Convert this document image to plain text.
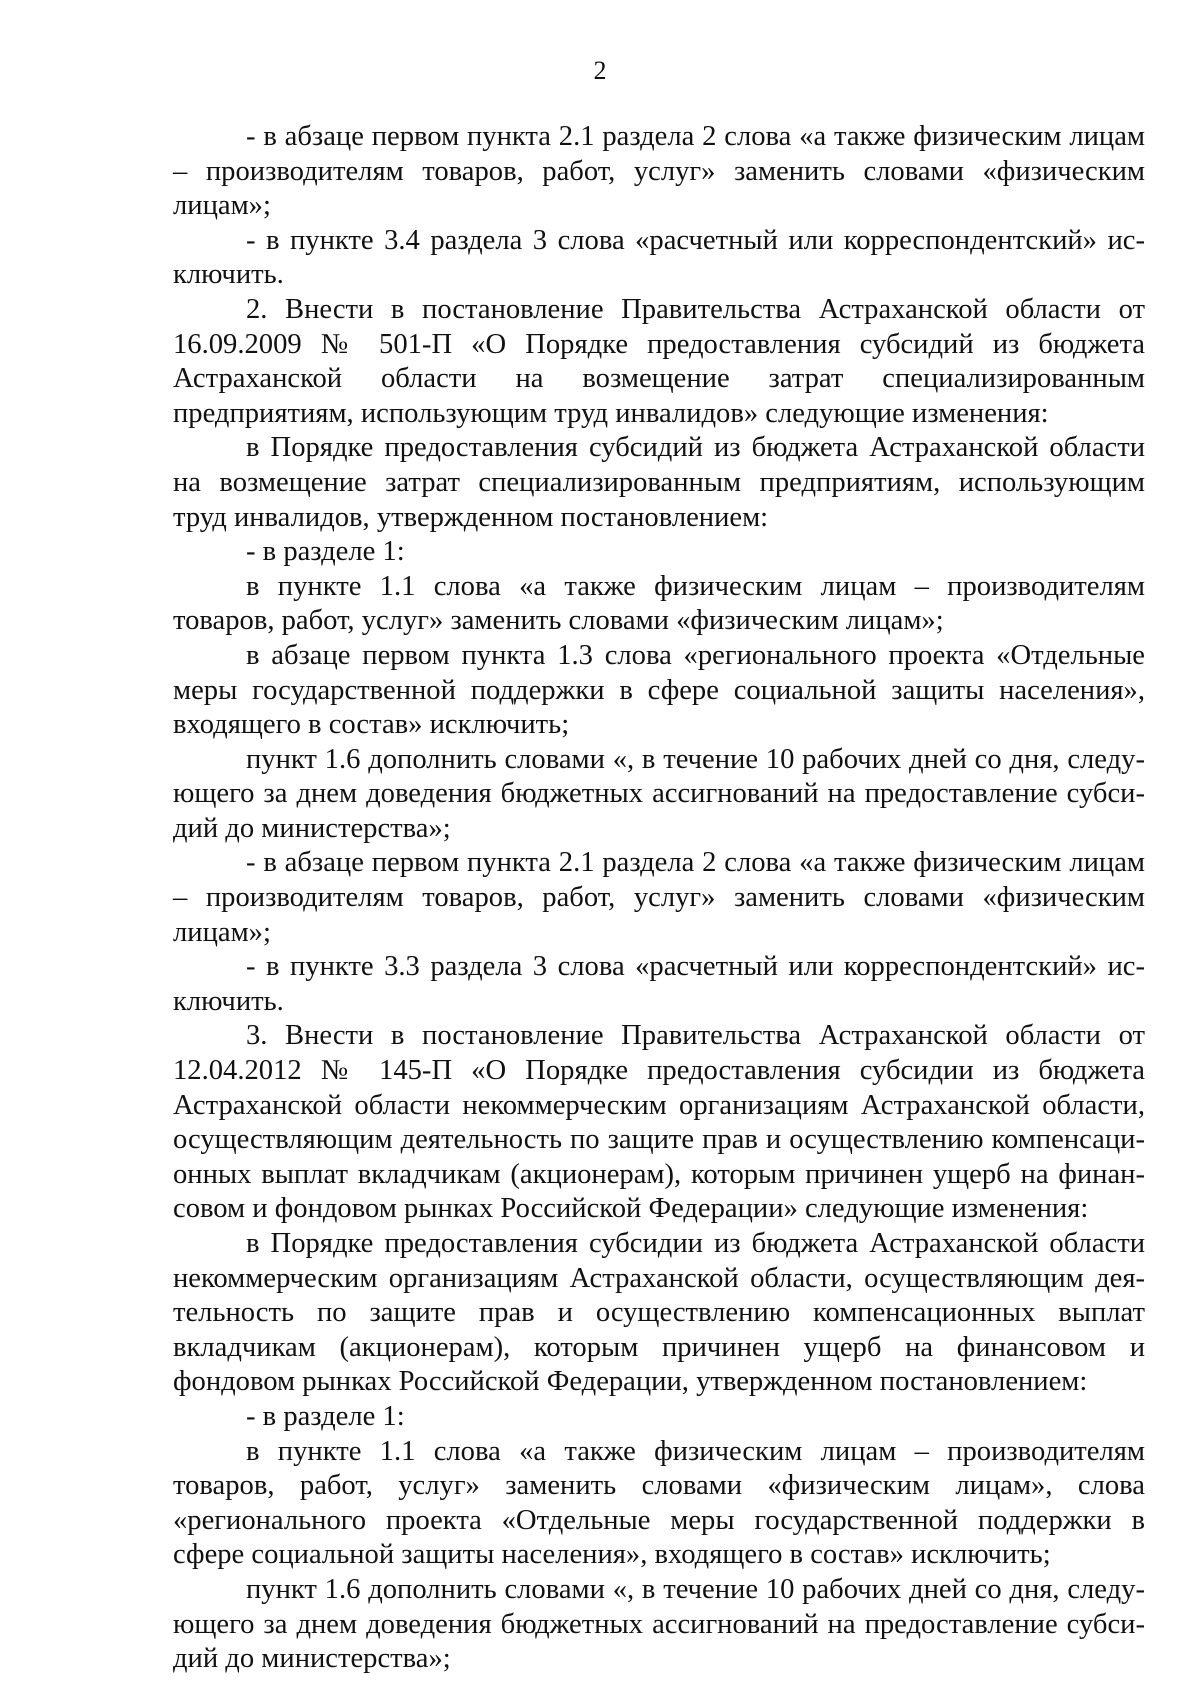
2

- в абзаце первом пункта 2.1 раздела 2 слова «а также физическим лицам – производителям товаров, работ, услуг» заменить словами «физическим лицам»;

- в пункте 3.4 раздела 3 слова «расчетный или корреспондентский» исключить.

2. Внести в постановление Правительства Астраханской области от 16.09.2009 № 501-П «О Порядке предоставления субсидий из бюджета Астраханской области на возмещение затрат специализированным предприятиям, использующим труд инвалидов» следующие изменения:

в Порядке предоставления субсидий из бюджета Астраханской области на возмещение затрат специализированным предприятиям, использующим труд инвалидов, утвержденном постановлением:

- в разделе 1:

в пункте 1.1 слова «а также физическим лицам – производителям товаров, работ, услуг» заменить словами «физическим лицам»;

в абзаце первом пункта 1.3 слова «регионального проекта «Отдельные меры государственной поддержки в сфере социальной защиты населения», входящего в состав» исключить;

пункт 1.6 дополнить словами «, в течение 10 рабочих дней со дня, следующего за днем доведения бюджетных ассигнований на предоставление субсидий до министерства»;

- в абзаце первом пункта 2.1 раздела 2 слова «а также физическим лицам – производителям товаров, работ, услуг» заменить словами «физическим лицам»;

- в пункте 3.3 раздела 3 слова «расчетный или корреспондентский» исключить.

3. Внести в постановление Правительства Астраханской области от 12.04.2012 № 145-П «О Порядке предоставления субсидии из бюджета Астраханской области некоммерческим организациям Астраханской области, осуществляющим деятельность по защите прав и осуществлению компенсационных выплат вкладчикам (акционерам), которым причинен ущерб на финансовом и фондовом рынках Российской Федерации» следующие изменения:

в Порядке предоставления субсидии из бюджета Астраханской области некоммерческим организациям Астраханской области, осуществляющим деятельность по защите прав и осуществлению компенсационных выплат вкладчикам (акционерам), которым причинен ущерб на финансовом и фондовом рынках Российской Федерации, утвержденном постановлением:

- в разделе 1:

в пункте 1.1 слова «а также физическим лицам – производителям товаров, работ, услуг» заменить словами «физическим лицам», слова «регионального проекта «Отдельные меры государственной поддержки в сфере социальной защиты населения», входящего в состав» исключить;

пункт 1.6 дополнить словами «, в течение 10 рабочих дней со дня, следующего за днем доведения бюджетных ассигнований на предоставление субсидий до министерства»;
